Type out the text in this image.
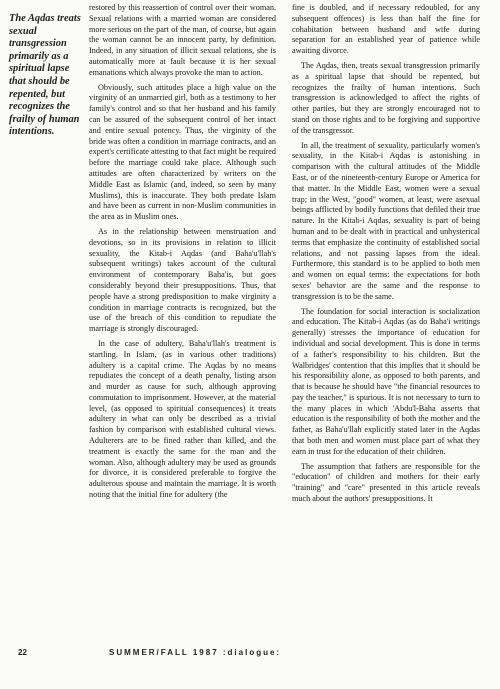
The Aqdas treats sexual transgression primarily as a spiritual lapse that should be repented, but recognizes the frailty of human intentions.

restored by this reassertion of control over their woman. Sexual relations with a married woman are considered more serious on the part of the man, of course, but again the woman cannot be an innocent party, by definition. Indeed, in any situation of illicit sexual relations, she is automatically more at fault because it is her sexual emanations which always provoke the man to action.

Obviously, such attitudes place a high value on the virginity of an unmarried girl, both as a testimony to her family's control and so that her husband and his family can be assured of the subsequent control of her intact and entire sexual potency. Thus, the virginity of the bride was often a condition in marriage contracts, and an expert's certificate attesting to that fact might be required before the marriage could take place. Although such attitudes are often characterized by writers on the Middle East as Islamic (and, indeed, so seen by many Muslims), this is inaccurate. They both predate Islam and have been as current in non-Muslim communities in the area as in Muslim ones.

As in the relationship between menstruation and devotions, so in its provisions in relation to illicit sexuality, the Kitab-i Aqdas (and Baha'u'llah's subsequent writings) takes account of the cultural environment of contemporary Baha'is, but goes considerably beyond their presuppositions. Thus, that people have a strong predisposition to make virginity a condition in marriage contracts is recognized, but the use of the breach of this condition to repudiate the marriage is strongly discouraged.

In the case of adultery, Baha'u'llah's treatment is startling. In Islam, (as in various other traditions) adultery is a capital crime. The Aqdas by no means repudiates the concept of a death penalty, listing arson and murder as cause for such, although approving commutation to imprisonment. However, at the material level, (as opposed to spiritual consequences) it treats adultery in what can only be described as a trivial fashion by comparison with established cultural views. Adulterers are to be fined rather than killed, and the treatment is exactly the same for the man and the woman. Also, although adultery may be used as grounds for divorce, it is considered preferable to forgive the adulterous spouse and maintain the marriage. It is worth noting that the initial fine for adultery (the

fine is doubled, and if necessary redoubled, for any subsequent offences) is less than half the fine for cohabitation between husband and wife during separation for an established year of patience while awaiting divorce.

The Aqdas, then, treats sexual transgression primarily as a spiritual lapse that should be repented, but recognizes the frailty of human intentions. Such transgression is acknowledged to affect the rights of other parties, but they are strongly encouraged not to stand on those rights and to be forgiving and supportive of the transgressor.

In all, the treatment of sexuality, particularly women's sexuality, in the Kitab-i Aqdas is astonishing in comparison with the cultural attitudes of the Middle East, or of the nineteenth-century Europe or America for that matter. In the Middle East, women were a sexual trap; in the West, "good" women, at least, were asexual beings afflicted by bodily functions that defiled their true nature. In the Kitab-i Aqdas, sexuality is part of being human and to be dealt with in practical and unhysterical terms that emphasize the continuity of established social relations, and not passing lapses from the ideal. Furthermore, this standard is to be applied to both men and women on equal terms: the expectations for both sexes' behavior are the same and the response to transgression is to be the same.

The foundation for social interaction is socialization and education. The Kitab-i Aqdas (as do Baha'i writings generally) stresses the importance of education for individual and social development. This is done in terms of a father's responsibility to his children. But the Walbridges' contention that this implies that it should be his responsibility alone, as opposed to both parents, and that is because he should have "the financial resources to pay the teacher," is spurious. It is not necessary to turn to the many places in which 'Abdu'l-Baha asserts that education is the responsibility of both the mother and the father, as Baha'u'llah explicitly stated later in the Aqdas that both men and women must place part of what they earn in trust for the education of their children.

The assumption that fathers are responsible for the "education" of children and mothers for their early "training" and "care" presented in this article reveals much about the authors' presuppositions. It

22	SUMMER/FALL 1987 :dialogue:
